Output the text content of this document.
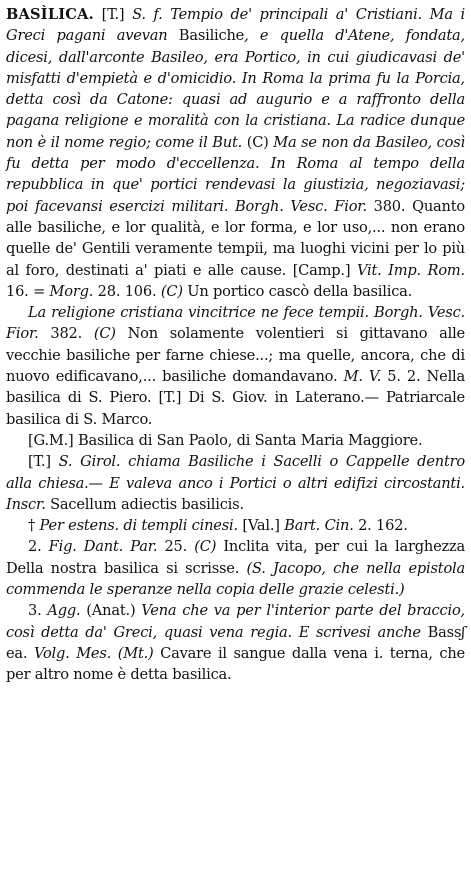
BASÌLICA. [T.] S. f. Tempio de' principali a' Cristiani. Ma i Greci pagani avevan Basiliche, e quella d'Atene, fondata, dicesi, dall'arconte Basileo, era Portico, in cui giudicavasi de' misfatti d'empietà e d'omicidio. In Roma la prima fu la Porcia, detta così da Catone: quasi ad augurio e a raffronto della pagana religione e moralità con la cristiana. La radice dunque non è il nome regio; come il But. (C) Ma se non da Basileo, così fu detta per modo d'eccellenza. In Roma al tempo della repubblica in que' portici rendevasi la giustizia, negoziavasi; poi facevansi esercizi militari. Borgh. Vesc. Fior. 380. Quanto alle basiliche, e lor qualità, e lor forma, e lor uso,... non erano quelle de' Gentili veramente tempii, ma luoghi vicini per lo più al foro, destinati a' piati e alle cause. [Camp.] Vit. Imp. Rom. 16. = Morg. 28. 106. (C) Un portico cascò della basilica.

La religione cristiana vincitrice ne fece tempii. Borgh. Vesc. Fior. 382. (C) Non solamente volentieri si gittavano alle vecchie basiliche per farne chiese...; ma quelle, ancora, che di nuovo edificavano,... basiliche domandavano. M. V. 5. 2. Nella basilica di S. Piero. [T.] Di S. Giov. in Laterano.— Patriarcale basilica di S. Marco.

[G.M.] Basilica di San Paolo, di Santa Maria Maggiore.

[T.] S. Girol. chiama Basiliche i Sacelli o Cappelle dentro alla chiesa.— E valeva anco i Portici o altri edifizi circostanti. Inscr. Sacellum adiectis basilicis.

† Per estens. di templi cinesi. [Val.] Bart. Cin. 2. 162.

2. Fig. Dant. Par. 25. (C) Inclita vita, per cui la larghezza Della nostra basilica si scrisse. (S. Jacopo, che nella epistola commenda le speranze nella copia delle grazie celesti.)

3. Agg. (Anat.) Vena che va per l'interior parte del braccio, così detta da' Greci, quasi vena regia. E scrivesi anche Bassʃ ea. Volg. Mes. (Mt.) Cavare il sangue dalla vena i. terna, che per altro nome è detta basilica.
